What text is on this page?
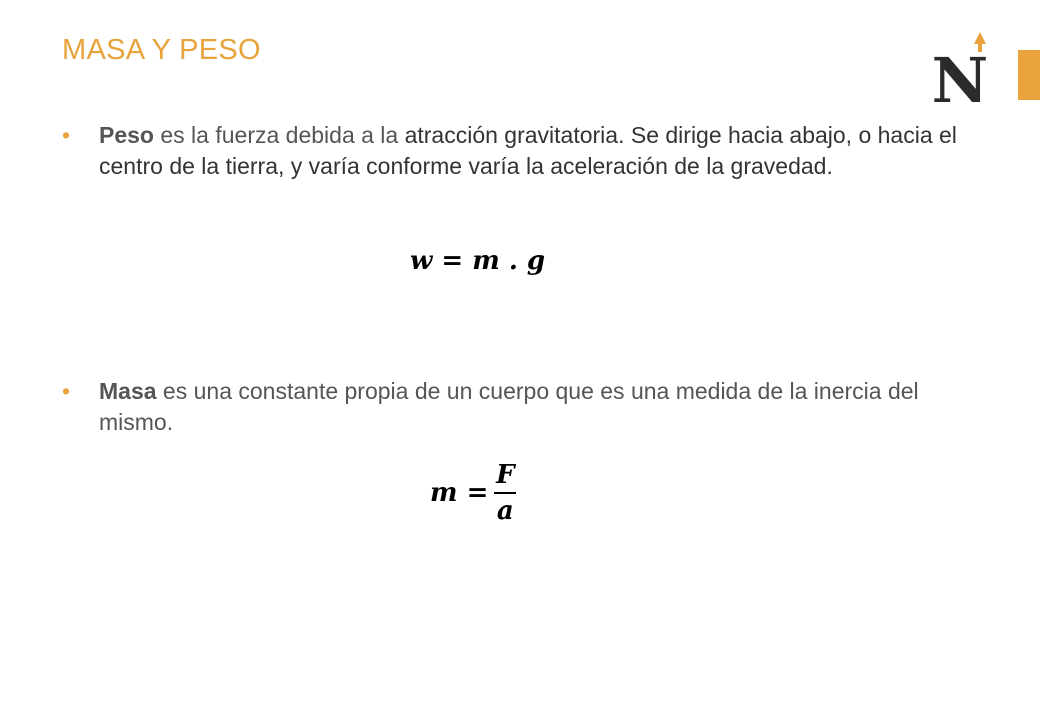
MASA Y PESO	N
• Peso es la fuerza debida a la atracción gravitatoria. Se dirige hacia abajo, o hacia el centro de la tierra, y varía conforme varía la aceleración de la gravedad.
𝒘 = 𝒎 . 𝒈
• Masa es una constante propia de un cuerpo que es una medida de la inercia del mismo.
𝒎 = $\frac{\text{𝑭}}{\text{𝒂}}$
